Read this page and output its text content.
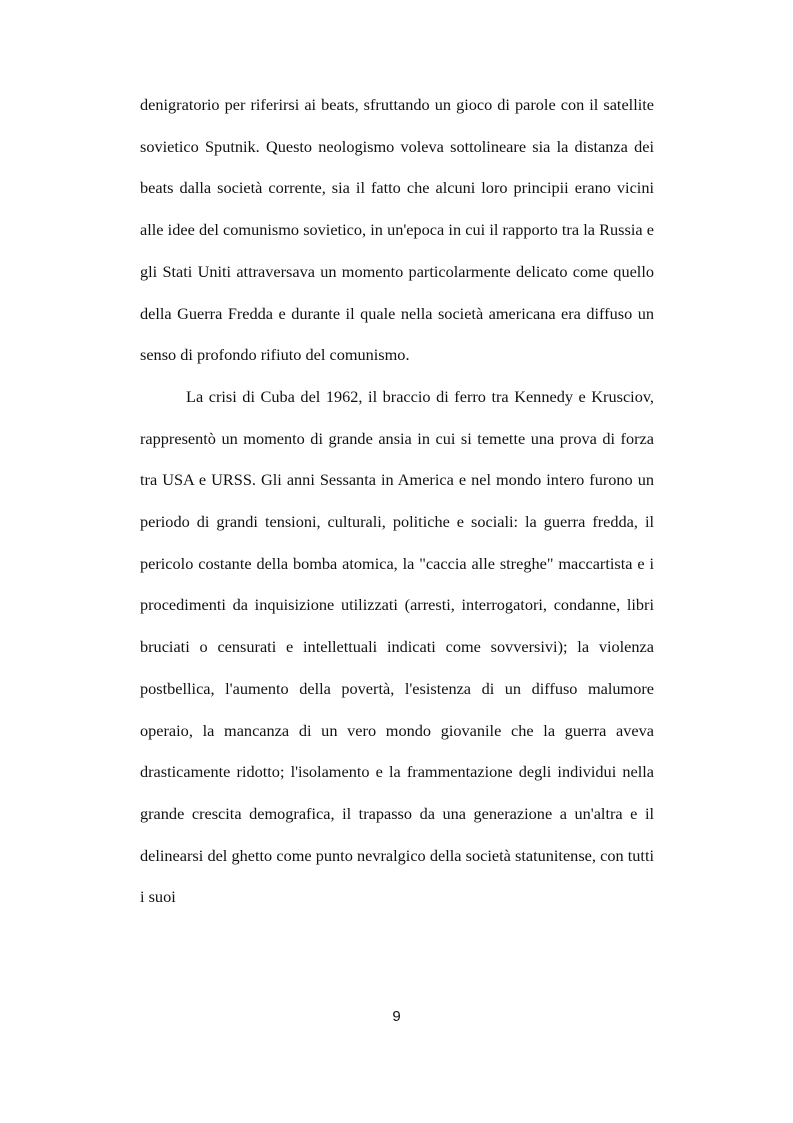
denigratorio per riferirsi ai beats, sfruttando un gioco di parole con il satellite sovietico Sputnik. Questo neologismo voleva sottolineare sia la distanza dei beats dalla società corrente, sia il fatto che alcuni loro principii erano vicini alle idee del comunismo sovietico, in un'epoca in cui il rapporto tra la Russia e gli Stati Uniti attraversava un momento particolarmente delicato come quello della Guerra Fredda e durante il quale nella società americana era diffuso un senso di profondo rifiuto del comunismo.

La crisi di Cuba del 1962, il braccio di ferro tra Kennedy e Krusciov, rappresentò un momento di grande ansia in cui si temette una prova di forza tra USA e URSS. Gli anni Sessanta in America e nel mondo intero furono un periodo di grandi tensioni, culturali, politiche e sociali: la guerra fredda, il pericolo costante della bomba atomica, la "caccia alle streghe" maccartista e i procedimenti da inquisizione utilizzati (arresti, interrogatori, condanne, libri bruciati o censurati e intellettuali indicati come sovversivi); la violenza postbellica, l'aumento della povertà, l'esistenza di un diffuso malumore operaio, la mancanza di un vero mondo giovanile che la guerra aveva drasticamente ridotto; l'isolamento e la frammentazione degli individui nella grande crescita demografica, il trapasso da una generazione a un'altra e il delinearsi del ghetto come punto nevralgico della società statunitense, con tutti i suoi

9
